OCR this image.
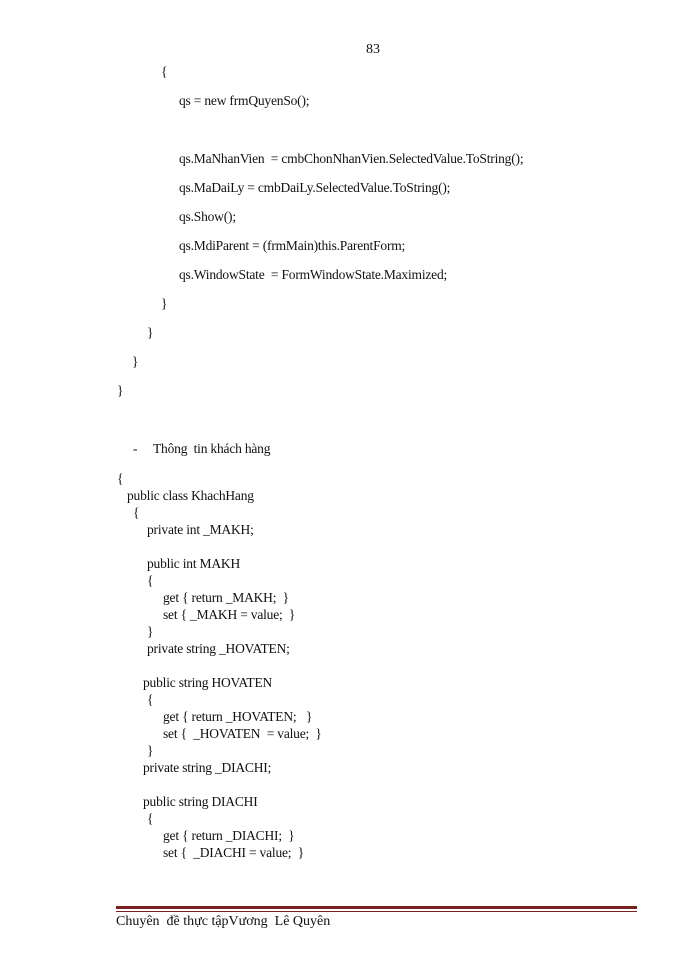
83
{
qs = new frmQuyenSo();
qs.MaNhanVien  = cmbChonNhanVien.SelectedValue.ToString();
qs.MaDaiLy = cmbDaiLy.SelectedValue.ToString();
qs.Show();
qs.MdiParent = (frmMain)this.ParentForm;
qs.WindowState  = FormWindowState.Maximized;
}
}
}
}
- Thông  tin khách hàng
{
public class KhachHang
{
private int _MAKH;
public int MAKH
{
get { return _MAKH;  }
set { _MAKH = value;  }
}
private string _HOVATEN;
public string HOVATEN
{
get { return _HOVATEN;   }
set {  _HOVATEN  = value;  }
}
private string _DIACHI;
public string DIACHI
{
get { return _DIACHI;  }
set {  _DIACHI = value;  }
Chuyên  đề thực tậpVương  Lê Quyên
